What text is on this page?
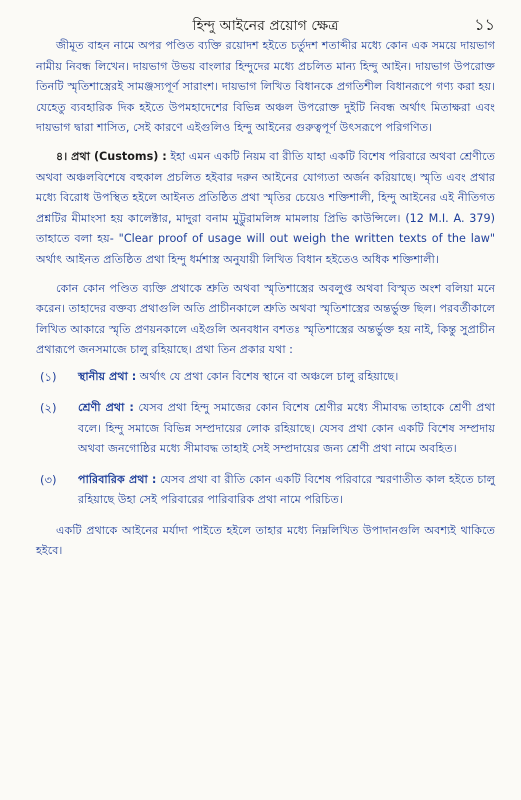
হিন্দু আইনের প্রয়োগ ক্ষেত্র	১১

জীমূত বাহন নামে অপর পণ্ডিত ব্যক্তি রয়োদশ হইতে চর্তুদশ শতাব্দীর মধ্যে কোন এক সময়ে দায়ভাগ নামীয় নিবন্ধ লিখেন। দায়ভাগ উভয় বাংলার হিন্দুদের মধ্যে প্রচলিত মান্য হিন্দু আইন। দায়ভাগ উপরোক্ত তিনটি স্মৃতিশাস্ত্রেরই সামঞ্জস্যপূর্ণ সারাংশ। দায়ভাগ লিখিত বিধানকে প্রগতিশীল বিধানরূপে গণ্য করা হয়। যেহেতু ব্যবহারিক দিক হইতে উপমহাদেশের বিভিন্ন অঞ্চল উপরোক্ত দুইটি নিবন্ধ অর্থাৎ মিতাক্ষরা এবং দায়ভাগ দ্বারা শাসিত, সেই কারণে এইগুলিও হিন্দু আইনের গুরুত্বপূর্ণ উৎসরূপে পরিগণিত।

৪। প্রথা (Customs) : ইহা এমন একটি নিয়ম বা রীতি যাহা একটি বিশেষ পরিবারে অথবা শ্রেণীতে অথবা অঞ্চলবিশেষে বহুকাল প্রচলিত হইবার দরুন আইনের যোগ্যতা অর্জন করিয়াছে। স্মৃতি এবং প্রথার মধ্যে বিরোধ উপস্থিত হইলে আইনত প্রতিষ্ঠিত প্রথা স্মৃতির চেয়েও শক্তিশালী, হিন্দু আইনের এই নীতিগত প্রশ্নটির মীমাংসা হয় কালেক্টার, মাদুরা বনাম মুট্টুরামলিঙ্গ মামলায় প্রিভি কাউন্সিলে। (12 M.I. A. 379) তাহাতে বলা হয়- "Clear proof of usage will out weigh the written texts of the law" অর্থাৎ আইনত প্রতিষ্ঠিত প্রথা হিন্দু ধর্মশাস্ত্র অনুযায়ী লিখিত বিধান হইতেও অধিক শক্তিশালী।

কোন কোন পণ্ডিত ব্যক্তি প্রথাকে শ্রুতি অথবা স্মৃতিশাস্ত্রের অবলুপ্ত অথবা বিস্মৃত অংশ বলিয়া মনে করেন। তাহাদের বক্তব্য প্রথাগুলি অতি প্রাচীনকালে শ্রুতি অথবা স্মৃতিশাস্ত্রের অন্তর্ভুক্ত ছিল। পরবর্তীকালে লিখিত আকারে স্মৃতি প্রণয়নকালে এইগুলি অনবধান বশতঃ স্মৃতিশাস্ত্রের অন্তর্ভুক্ত হয় নাই, কিন্তু সুপ্রাচীন প্রথারূপে জনসমাজে চালু রহিয়াছে। প্রথা তিন প্রকার যথা :

(১)	স্থানীয় প্রথা : অর্থাৎ যে প্রথা কোন বিশেষ স্থানে বা অঞ্চলে চালু রহিয়াছে।
(২)	শ্রেণী প্রথা : যেসব প্রথা হিন্দু সমাজের কোন বিশেষ শ্রেণীর মধ্যে সীমাবদ্ধ তাহাকে শ্রেণী প্রথা বলে। হিন্দু সমাজে বিভিন্ন সম্প্রদায়ের লোক রহিয়াছে। যেসব প্রথা কোন একটি বিশেষ সম্প্রদায় অথবা জনগোষ্ঠির মধ্যে সীমাবদ্ধ তাহাই সেই সম্প্রদায়ের জন্য শ্রেণী প্রথা নামে অবহিত।
(৩)	পারিবারিক প্রথা : যেসব প্রথা বা রীতি কোন একটি বিশেষ পরিবারে স্মরণাতীত কাল হইতে চালু রহিয়াছে উহা সেই পরিবারের পারিবারিক প্রথা নামে পরিচিত।

একটি প্রথাকে আইনের মর্যাদা পাইতে হইলে তাহার মধ্যে নিম্নলিখিত উপাদানগুলি অবশ্যই থাকিতে হইবে।
